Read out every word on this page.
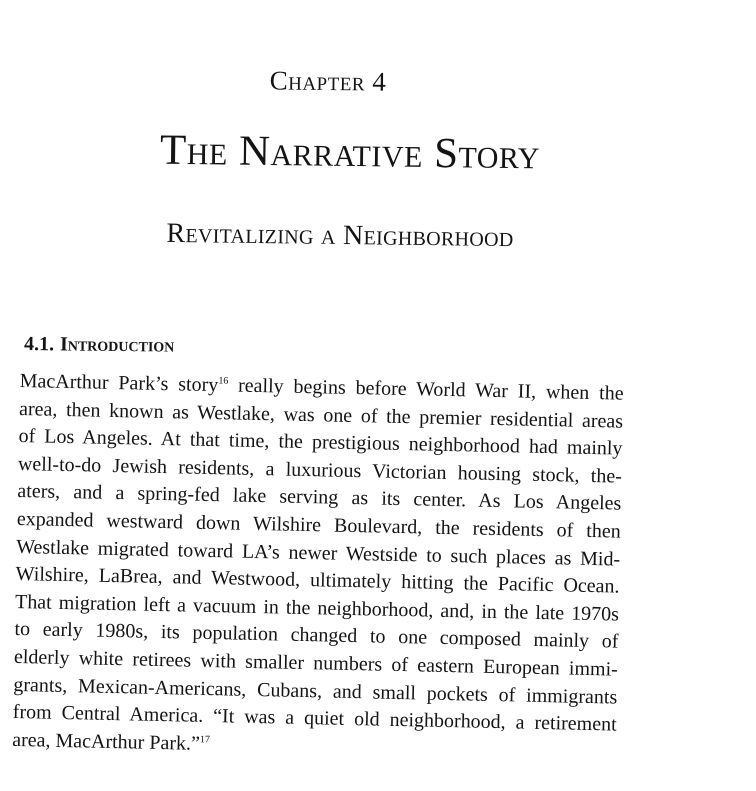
Chapter 4
The Narrative Story
Revitalizing a Neighborhood
4.1. Introduction
MacArthur Park’s story$^{16}$ really begins before World War II, when the
area, then known as Westlake, was one of the premier residential areas
of Los Angeles. At that time, the prestigious neighborhood had mainly
well-to-do Jewish residents, a luxurious Victorian housing stock, the-
aters, and a spring-fed lake serving as its center. As Los Angeles
expanded westward down Wilshire Boulevard, the residents of then
Westlake migrated toward LA’s newer Westside to such places as Mid-
Wilshire, LaBrea, and Westwood, ultimately hitting the Pacific Ocean.
That migration left a vacuum in the neighborhood, and, in the late 1970s
to early 1980s, its population changed to one composed mainly of
elderly white retirees with smaller numbers of eastern European immi-
grants, Mexican-Americans, Cubans, and small pockets of immigrants
from Central America. “It was a quiet old neighborhood, a retirement
area, MacArthur Park.”$^{17}$
